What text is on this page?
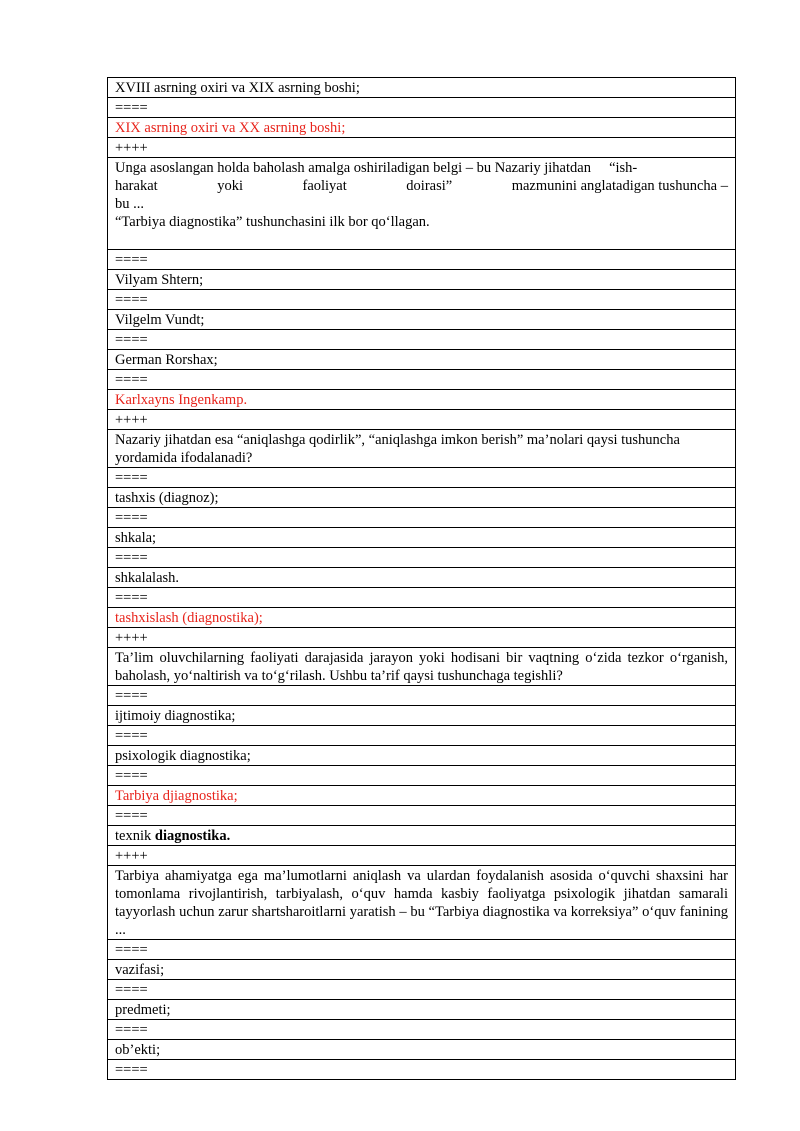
XVIII asrning oxiri va XIX asrning boshi;
====
XIX asrning oxiri va XX asrning boshi;
++++

Unga asoslangan holda baholash amalga oshiriladigan belgi – bu Nazariy jihatdan     “ish-
harakat	yoki	faoliyat	doirasi”	mazmunini anglatadigan tushuncha –
bu ...
“Tarbiya diagnostika” tushunchasini ilk bor qo‘llagan.

====
Vilyam Shtern;
====
Vilgelm Vundt;
====
German Rorshax;
====
Karlxayns Ingenkamp.
++++
Nazariy jihatdan esa “aniqlashga qodirlik”, “aniqlashga imkon berish” ma’nolari qaysi tushuncha yordamida ifodalanadi?
====
tashxis (diagnoz);
====
shkala;
====
shkalalash.
====
tashxislash (diagnostika);
++++
Ta’lim oluvchilarning faoliyati darajasida jarayon yoki hodisani bir vaqtning o‘zida tezkor o‘rganish, baholash, yo‘naltirish va to‘g‘rilash. Ushbu ta’rif qaysi tushunchaga tegishli?
====
ijtimoiy diagnostika;
====
psixologik diagnostika;
====
Tarbiya djiagnostika;
====
texnik diagnostika.
++++
Tarbiya ahamiyatga ega ma’lumotlarni aniqlash va ulardan foydalanish asosida o‘quvchi shaxsini har tomonlama rivojlantirish, tarbiyalash, o‘quv hamda kasbiy faoliyatga psixologik jihatdan samarali tayyorlash uchun zarur shartsharoitlarni yaratish – bu “Tarbiya diagnostika va korreksiya” o‘quv fanining ...
====
vazifasi;
====
predmeti;
====
ob’ekti;
====
